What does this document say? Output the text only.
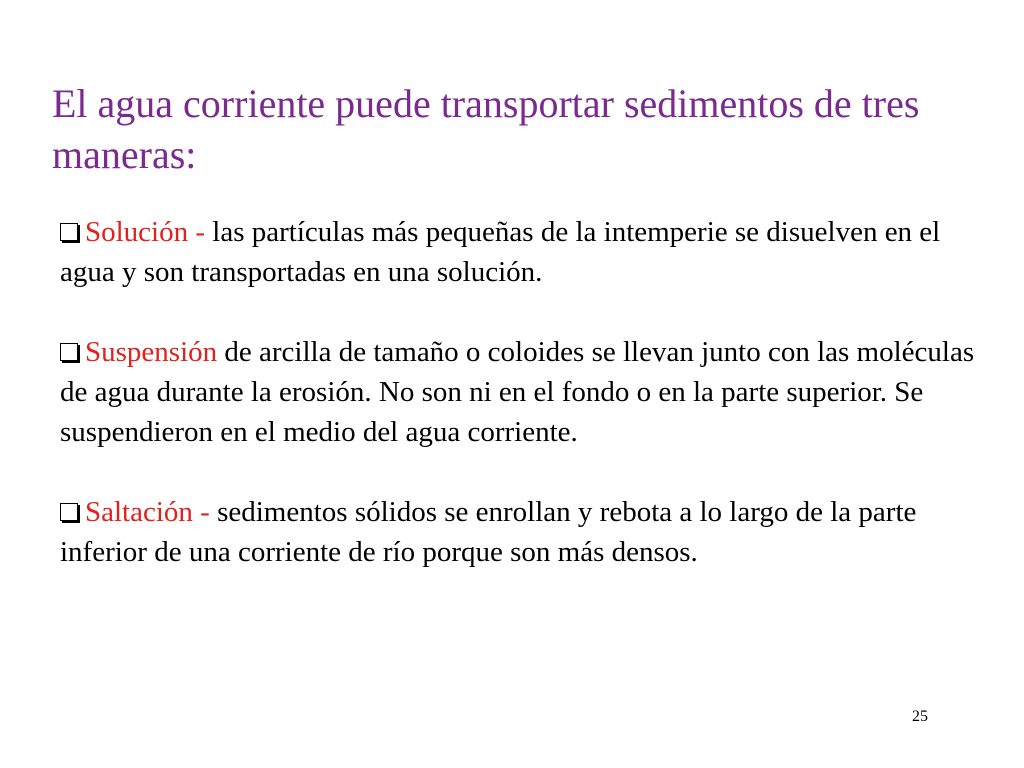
El agua corriente puede transportar sedimentos de tres maneras:

Solución - las partículas más pequeñas de la intemperie se disuelven en el agua y son transportadas en una solución.

Suspensión de arcilla de tamaño o coloides se llevan junto con las moléculas de agua durante la erosión. No son ni en el fondo o en la parte superior. Se suspendieron en el medio del agua corriente.

Saltación - sedimentos sólidos se enrollan y rebota a lo largo de la parte inferior de una corriente de río porque son más densos.

25
